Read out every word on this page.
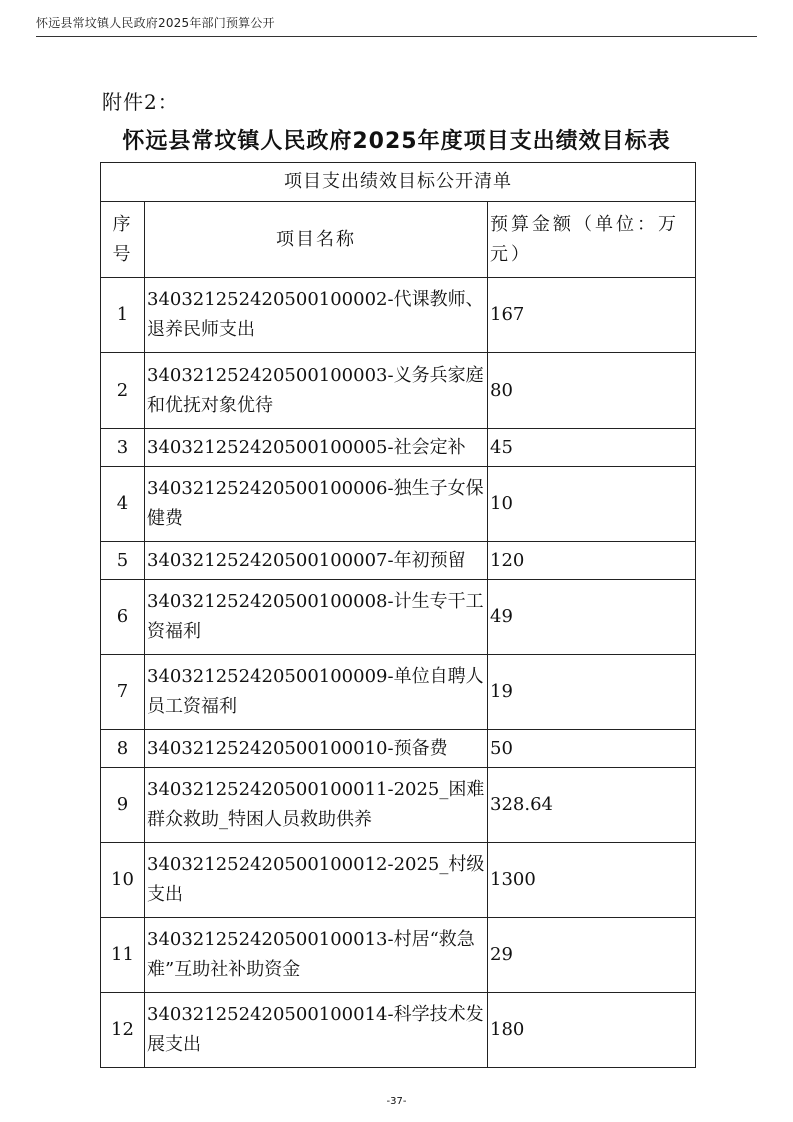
怀远县常坟镇人民政府2025年部门预算公开
附件2：
怀远县常坟镇人民政府2025年度项目支出绩效目标表
项目支出绩效目标公开清单		
序号	项目名称	预算金额（单位：万元）
1	340321252420500100002-代课教师、退养民师支出	167
2	340321252420500100003-义务兵家庭和优抚对象优待	80
3	340321252420500100005-社会定补	45
4	340321252420500100006-独生子女保健费	10
5	340321252420500100007-年初预留	120
6	340321252420500100008-计生专干工资福利	49
7	340321252420500100009-单位自聘人员工资福利	19
8	340321252420500100010-预备费	50
9	340321252420500100011-2025_困难群众救助_特困人员救助供养	328.64
10	340321252420500100012-2025_村级支出	1300
11	340321252420500100013-村居“救急难”互助社补助资金	29
12	340321252420500100014-科学技术发展支出	180
-37-
